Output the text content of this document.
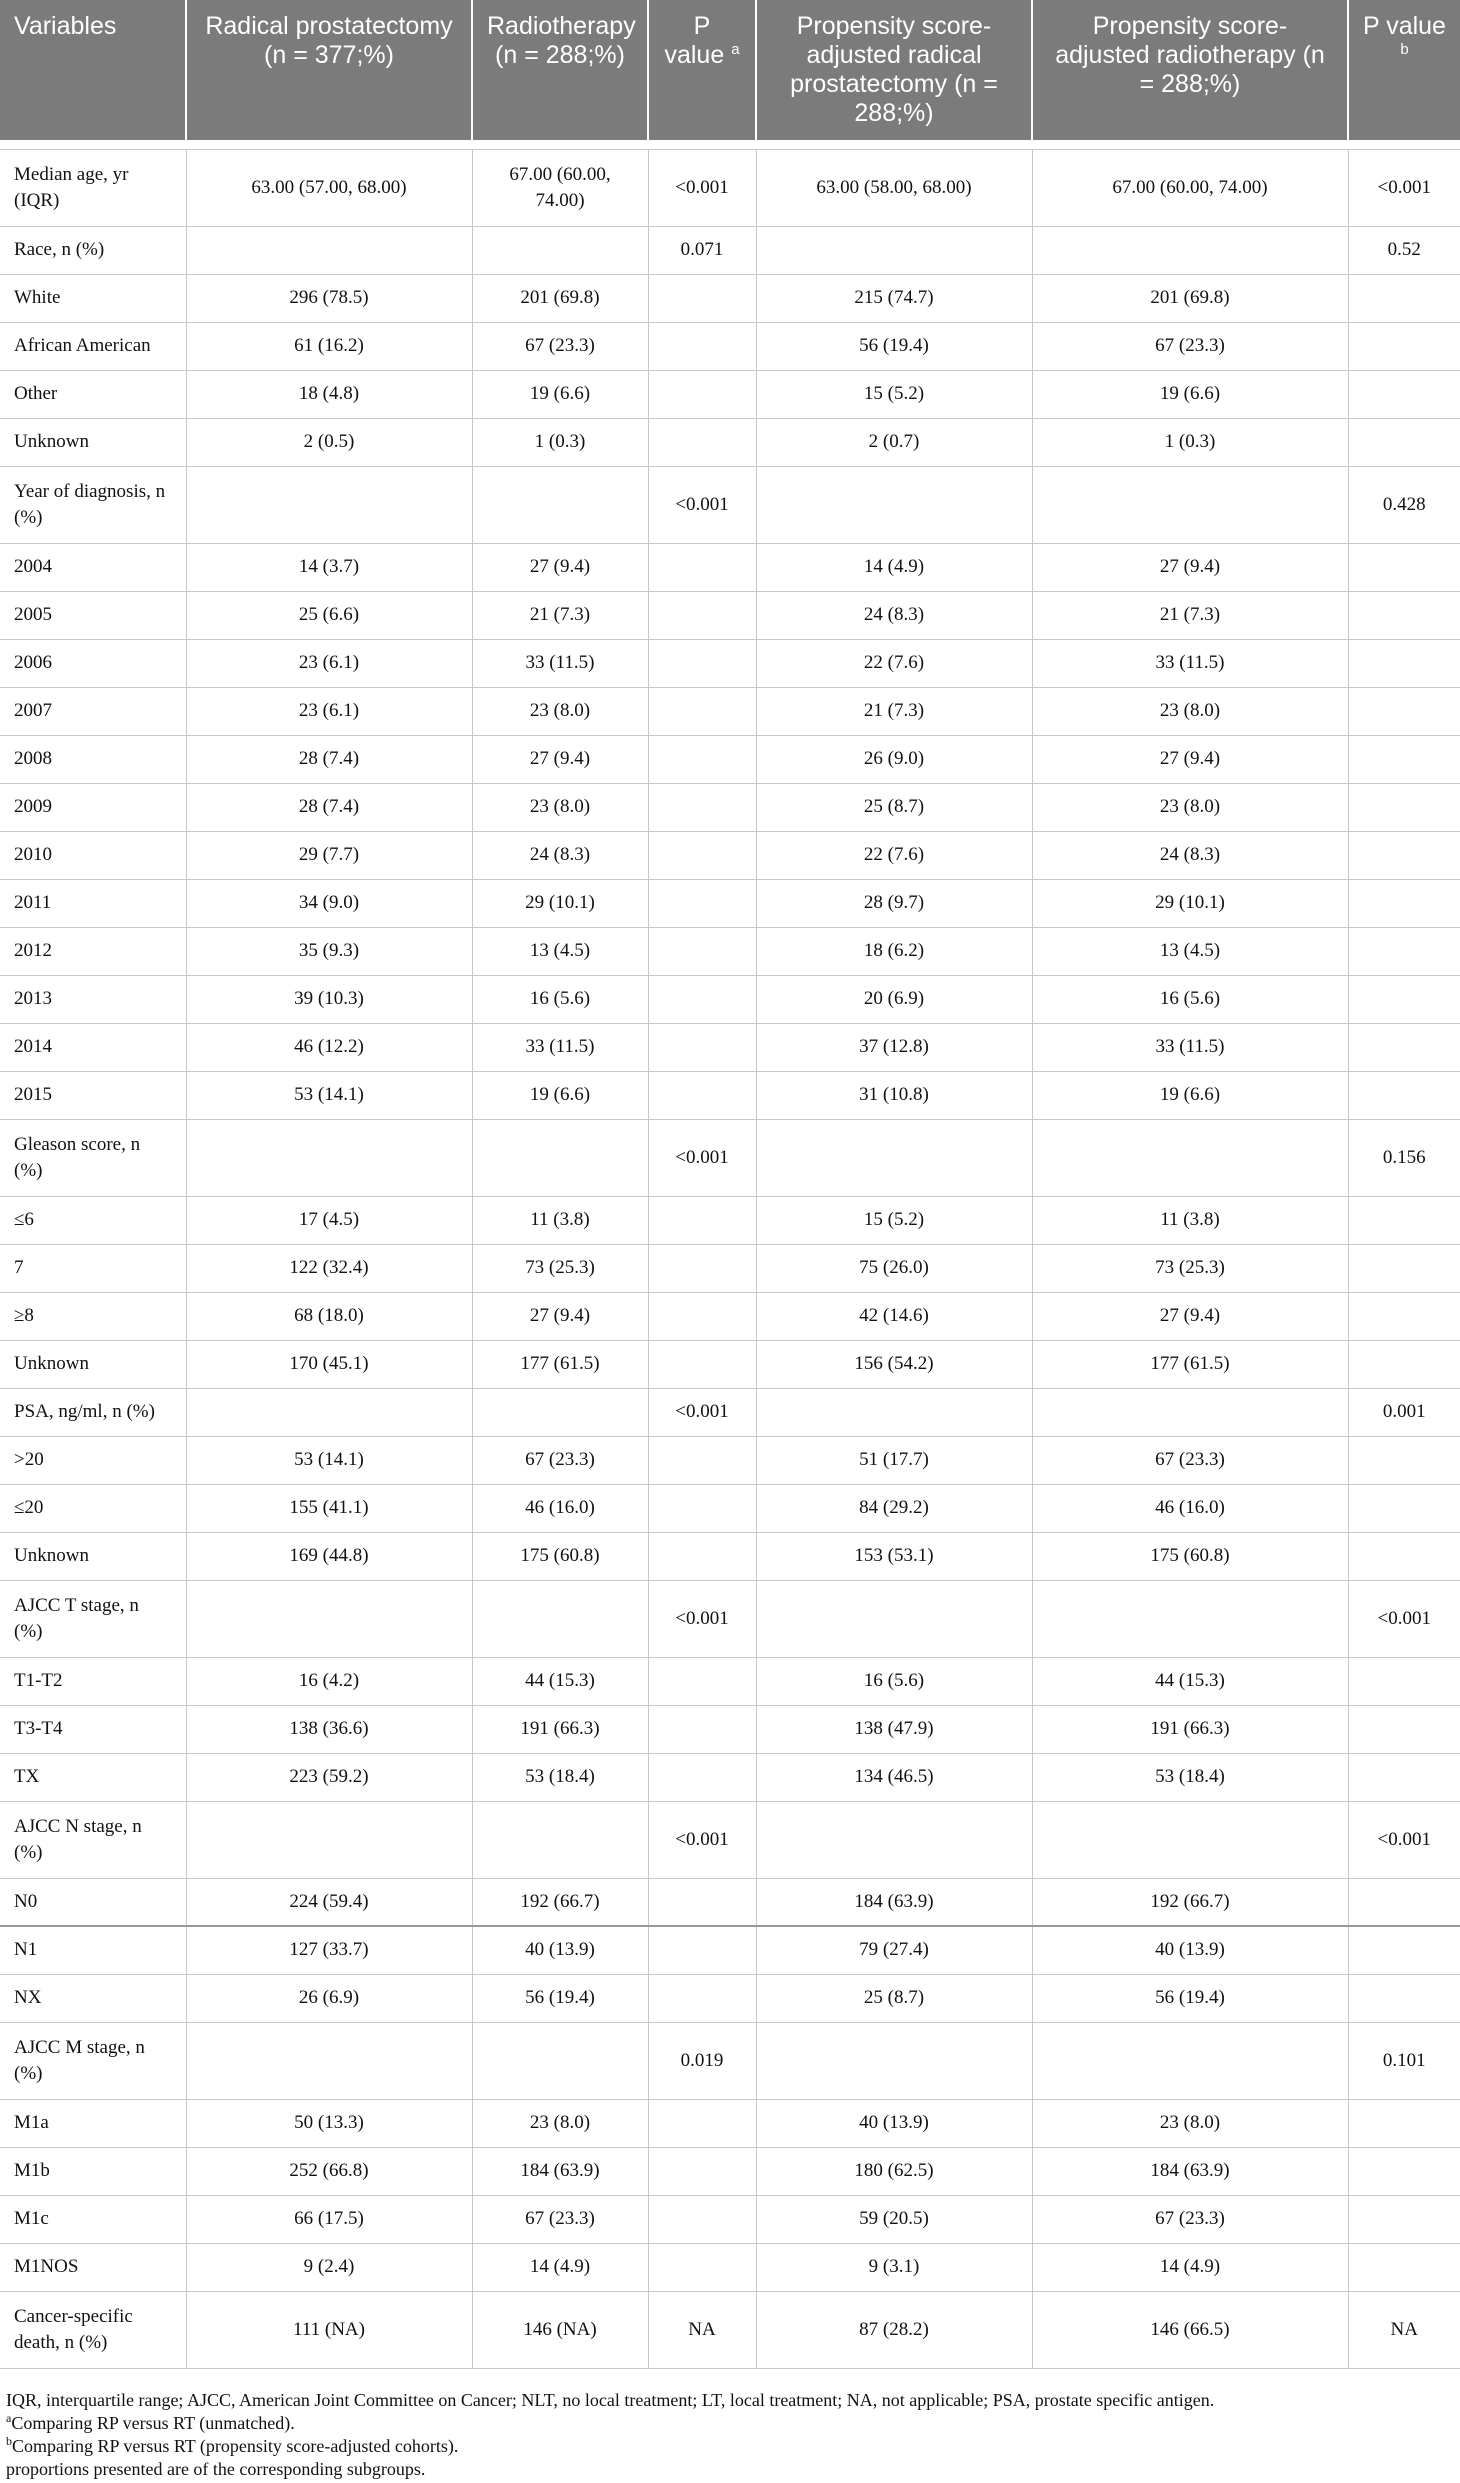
Variables	Radical prostatectomy (n = 377;%)	Radiotherapy (n = 288;%)	P value $^a$	Propensity score-adjusted radical prostatectomy (n = 288;%)	Propensity score-adjusted radiotherapy (n = 288;%)	P value $^b$

Median age, yr (IQR)	63.00 (57.00, 68.00)	67.00 (60.00, 74.00)	<0.001	63.00 (58.00, 68.00)	67.00 (60.00, 74.00)	<0.001
Race, n (%)			0.071			0.52
White	296 (78.5)	201 (69.8)		215 (74.7)	201 (69.8)	
African American	61 (16.2)	67 (23.3)		56 (19.4)	67 (23.3)	
Other	18 (4.8)	19 (6.6)		15 (5.2)	19 (6.6)	
Unknown	2 (0.5)	1 (0.3)		2 (0.7)	1 (0.3)	
Year of diagnosis, n (%)			<0.001			0.428
2004	14 (3.7)	27 (9.4)		14 (4.9)	27 (9.4)	
2005	25 (6.6)	21 (7.3)		24 (8.3)	21 (7.3)	
2006	23 (6.1)	33 (11.5)		22 (7.6)	33 (11.5)	
2007	23 (6.1)	23 (8.0)		21 (7.3)	23 (8.0)	
2008	28 (7.4)	27 (9.4)		26 (9.0)	27 (9.4)	
2009	28 (7.4)	23 (8.0)		25 (8.7)	23 (8.0)	
2010	29 (7.7)	24 (8.3)		22 (7.6)	24 (8.3)	
2011	34 (9.0)	29 (10.1)		28 (9.7)	29 (10.1)	
2012	35 (9.3)	13 (4.5)		18 (6.2)	13 (4.5)	
2013	39 (10.3)	16 (5.6)		20 (6.9)	16 (5.6)	
2014	46 (12.2)	33 (11.5)		37 (12.8)	33 (11.5)	
2015	53 (14.1)	19 (6.6)		31 (10.8)	19 (6.6)	
Gleason score, n (%)			<0.001			0.156
≤6	17 (4.5)	11 (3.8)		15 (5.2)	11 (3.8)	
7	122 (32.4)	73 (25.3)		75 (26.0)	73 (25.3)	
≥8	68 (18.0)	27 (9.4)		42 (14.6)	27 (9.4)	
Unknown	170 (45.1)	177 (61.5)		156 (54.2)	177 (61.5)	
PSA, ng/ml, n (%)			<0.001			0.001
>20	53 (14.1)	67 (23.3)		51 (17.7)	67 (23.3)	
≤20	155 (41.1)	46 (16.0)		84 (29.2)	46 (16.0)	
Unknown	169 (44.8)	175 (60.8)		153 (53.1)	175 (60.8)	
AJCC T stage, n (%)			<0.001			<0.001
T1-T2	16 (4.2)	44 (15.3)		16 (5.6)	44 (15.3)	
T3-T4	138 (36.6)	191 (66.3)		138 (47.9)	191 (66.3)	
TX	223 (59.2)	53 (18.4)		134 (46.5)	53 (18.4)	
AJCC N stage, n (%)			<0.001			<0.001
N0	224 (59.4)	192 (66.7)		184 (63.9)	192 (66.7)	
N1	127 (33.7)	40 (13.9)		79 (27.4)	40 (13.9)	
NX	26 (6.9)	56 (19.4)		25 (8.7)	56 (19.4)	
AJCC M stage, n (%)			0.019			0.101
M1a	50 (13.3)	23 (8.0)		40 (13.9)	23 (8.0)	
M1b	252 (66.8)	184 (63.9)		180 (62.5)	184 (63.9)	
M1c	66 (17.5)	67 (23.3)		59 (20.5)	67 (23.3)	
M1NOS	9 (2.4)	14 (4.9)		9 (3.1)	14 (4.9)	
Cancer-specific death, n (%)	111 (NA)	146 (NA)	NA	87 (28.2)	146 (66.5)	NA
IQR, interquartile range; AJCC, American Joint Committee on Cancer; NLT, no local treatment; LT, local treatment; NA, not applicable; PSA, prostate specific antigen.
$^a$Comparing RP versus RT (unmatched).
$^b$Comparing RP versus RT (propensity score-adjusted cohorts).
proportions presented are of the corresponding subgroups.
